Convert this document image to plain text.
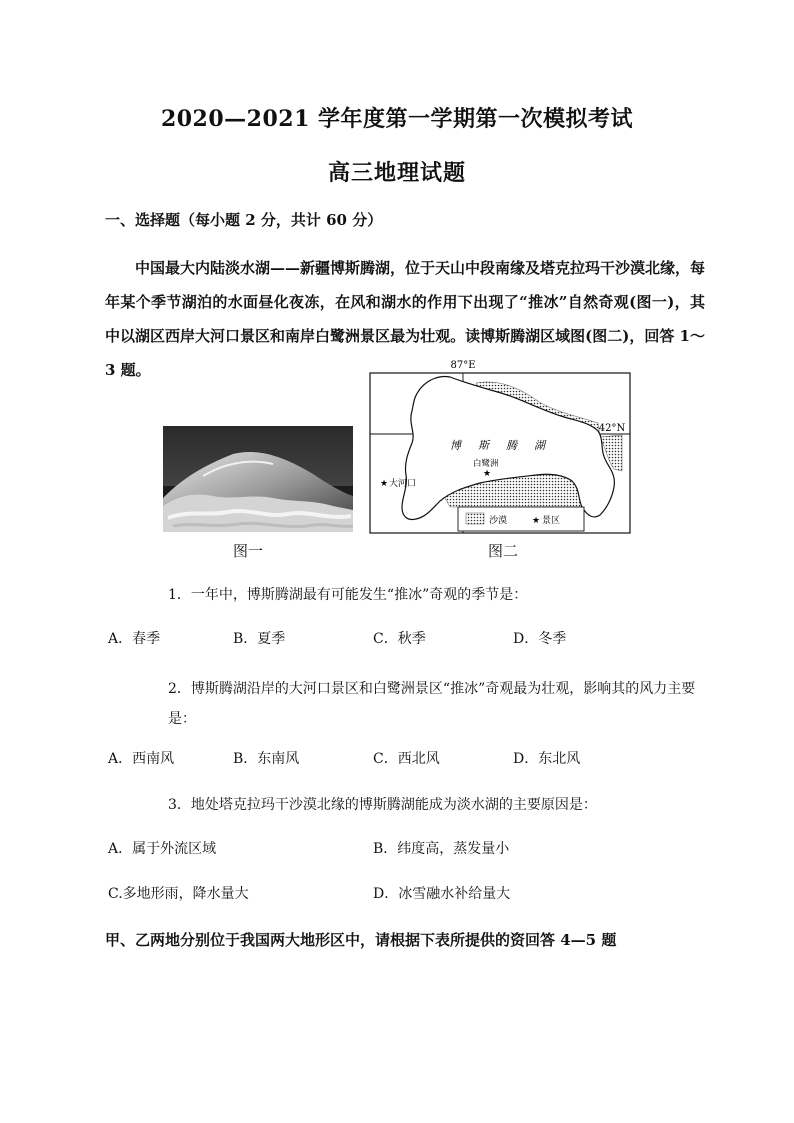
2020—2021 学年度第一学期第一次模拟考试
高三地理试题
一、选择题（每小题 2 分，共计 60 分）
中国最大内陆淡水湖——新疆博斯腾湖，位于天山中段南缘及塔克拉玛干沙漠北缘，每年某个季节湖泊的水面昼化夜冻，在风和湖水的作用下出现了“推冰”自然奇观(图一)，其中以湖区西岸大河口景区和南岸白鹭洲景区最为壮观。读博斯腾湖区域图(图二)，回答 1～3 题。	87°E
42°N
博 斯 腾 湖
白鹭洲
★
★ 大河口
沙漠	★ 景区
图一	图二
1．一年中，博斯腾湖最有可能发生“推冰”奇观的季节是：
A．春季	B．夏季	C．秋季	D．冬季
2．博斯腾湖沿岸的大河口景区和白鹭洲景区“推冰”奇观最为壮观，影响其的风力主要是：
A．西南风	B．东南风	C．西北风	D．东北风
3．地处塔克拉玛干沙漠北缘的博斯腾湖能成为淡水湖的主要原因是：
A．属于外流区域	B．纬度高，蒸发量小
C.多地形雨，降水量大	D．冰雪融水补给量大
甲、乙两地分别位于我国两大地形区中，请根据下表所提供的资回答 4—5 题
